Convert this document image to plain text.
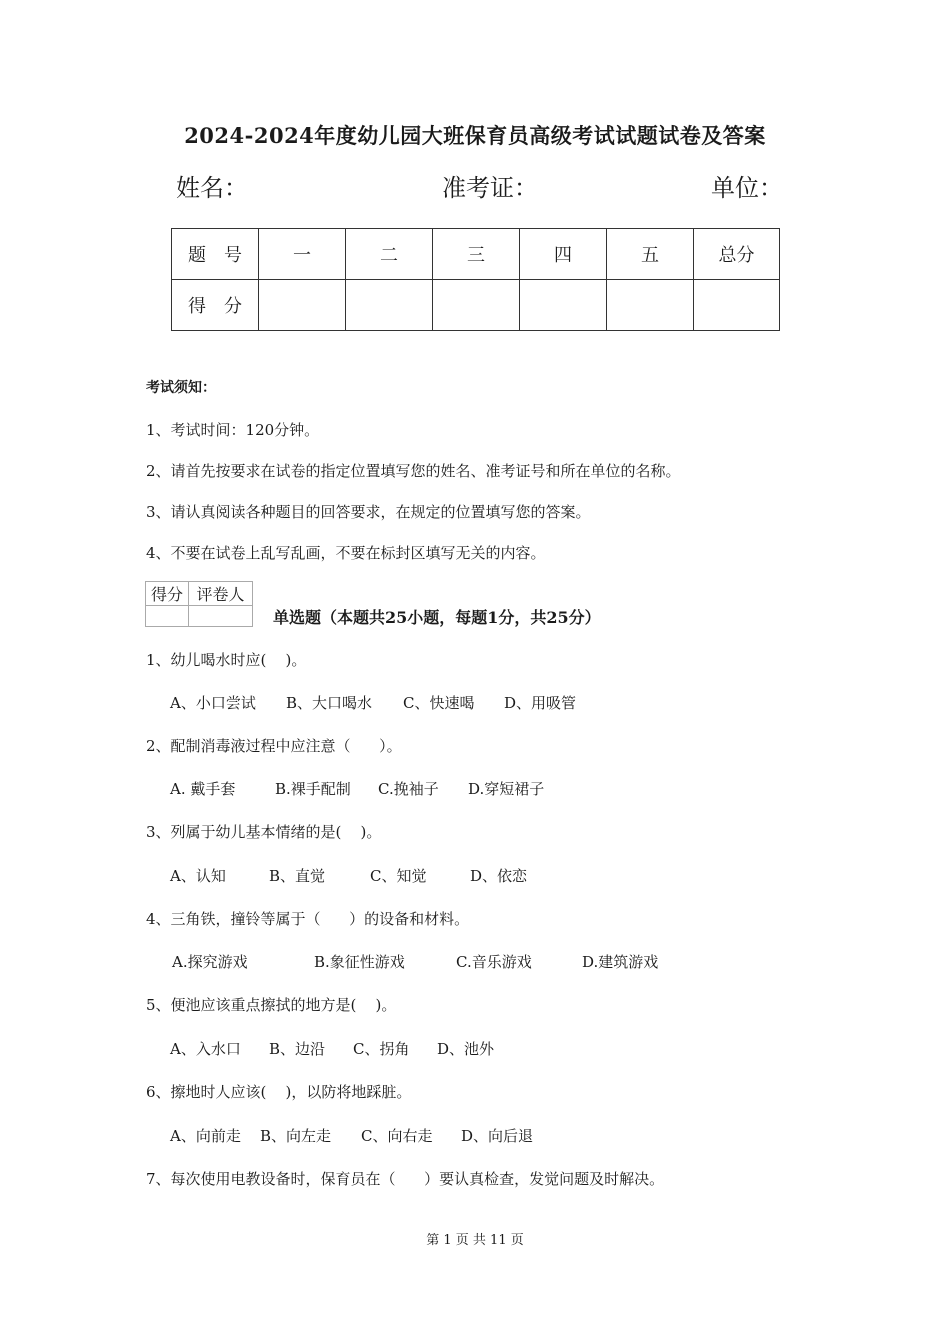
2024-2024年度幼儿园大班保育员高级考试试题试卷及答案
姓名：	准考证：	单位：
题　号	一	二	三	四	五	总分
得　分						
考试须知：
1、考试时间：120分钟。
2、请首先按要求在试卷的指定位置填写您的姓名、准考证号和所在单位的名称。
3、请认真阅读各种题目的回答要求，在规定的位置填写您的答案。
4、不要在试卷上乱写乱画，不要在标封区填写无关的内容。
得分	评卷人

单选题（本题共25小题，每题1分，共25分）
1、幼儿喝水时应(    )。
A、小口尝试 B、大口喝水 C、快速喝 D、用吸管
2、配制消毒液过程中应注意（      ）。
A. 戴手套	B.裸手配制 C.挽袖子 D.穿短裙子
3、列属于幼儿基本情绪的是(    )。
A、认知	B、直觉	C、知觉	D、依恋
4、三角铁，撞铃等属于（      ）的设备和材料。
A.探究游戏	B.象征性游戏	C.音乐游戏	D.建筑游戏
5、便池应该重点擦拭的地方是(    )。
A、入水口 B、边沿 C、拐角 D、池外
6、擦地时人应该(    )，以防将地踩脏。
A、向前走 B、向左走 C、向右走 D、向后退
7、每次使用电教设备时，保育员在（      ）要认真检查，发觉问题及时解决。
第 1 页 共 11 页
